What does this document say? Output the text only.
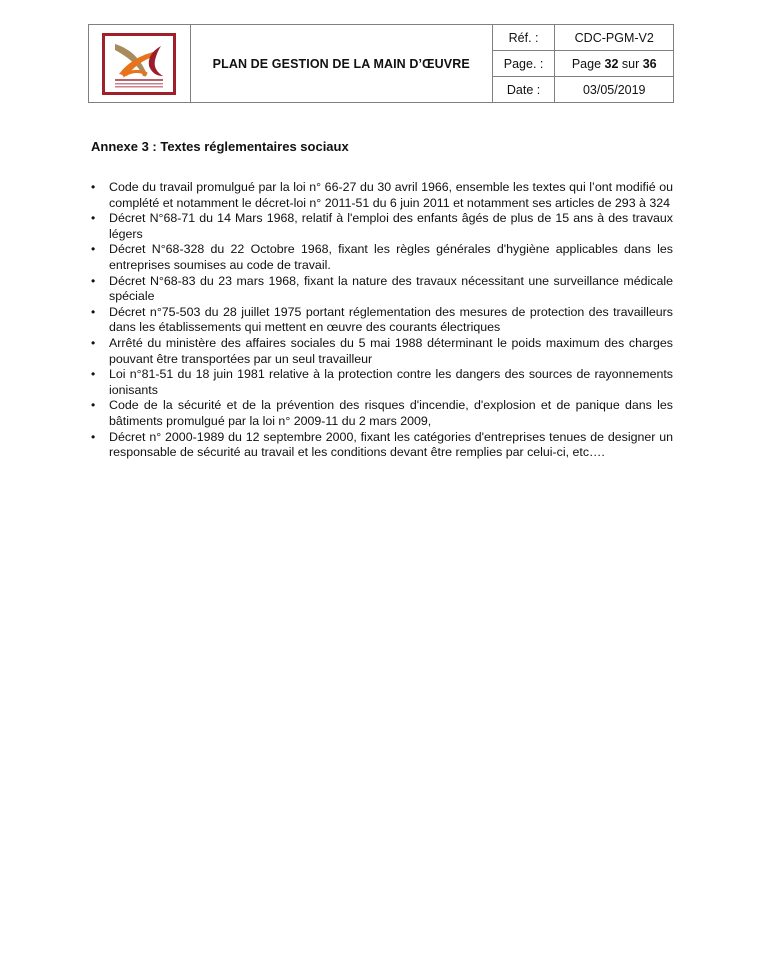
	PLAN DE GESTION DE LA MAIN D’ŒUVRE	Réf. :	CDC-PGM-V2
		Page. :	Page 32 sur 36
		Date :	03/05/2019
Annexe 3 : Textes réglementaires sociaux
• Code du travail promulgué par la loi n° 66-27 du 30 avril 1966, ensemble les textes qui l’ont modifié ou complété et notamment le décret-loi n° 2011-51 du 6 juin 2011 et notamment ses articles de 293 à 324
• Décret N°68-71 du 14 Mars 1968, relatif à l'emploi des enfants âgés de plus de 15 ans à des travaux légers
• Décret N°68-328 du 22 Octobre 1968, fixant les règles générales d'hygiène applicables dans les entreprises soumises au code de travail.
• Décret N°68-83 du 23 mars 1968, fixant la nature des travaux nécessitant une surveillance médicale spéciale
• Décret n°75-503 du 28 juillet 1975 portant réglementation des mesures de protection des travailleurs dans les établissements qui mettent en œuvre des courants électriques
• Arrêté du ministère des affaires sociales du 5 mai 1988 déterminant le poids maximum des charges pouvant être transportées par un seul travailleur
• Loi n°81-51 du 18 juin 1981 relative à la protection contre les dangers des sources de rayonnements ionisants
• Code de la sécurité et de la prévention des risques d'incendie, d'explosion et de panique dans les bâtiments promulgué par la loi n° 2009-11 du 2 mars 2009,
• Décret n° 2000-1989 du 12 septembre 2000, fixant les catégories d'entreprises tenues de designer un responsable de sécurité au travail et les conditions devant être remplies par celui-ci, etc….
